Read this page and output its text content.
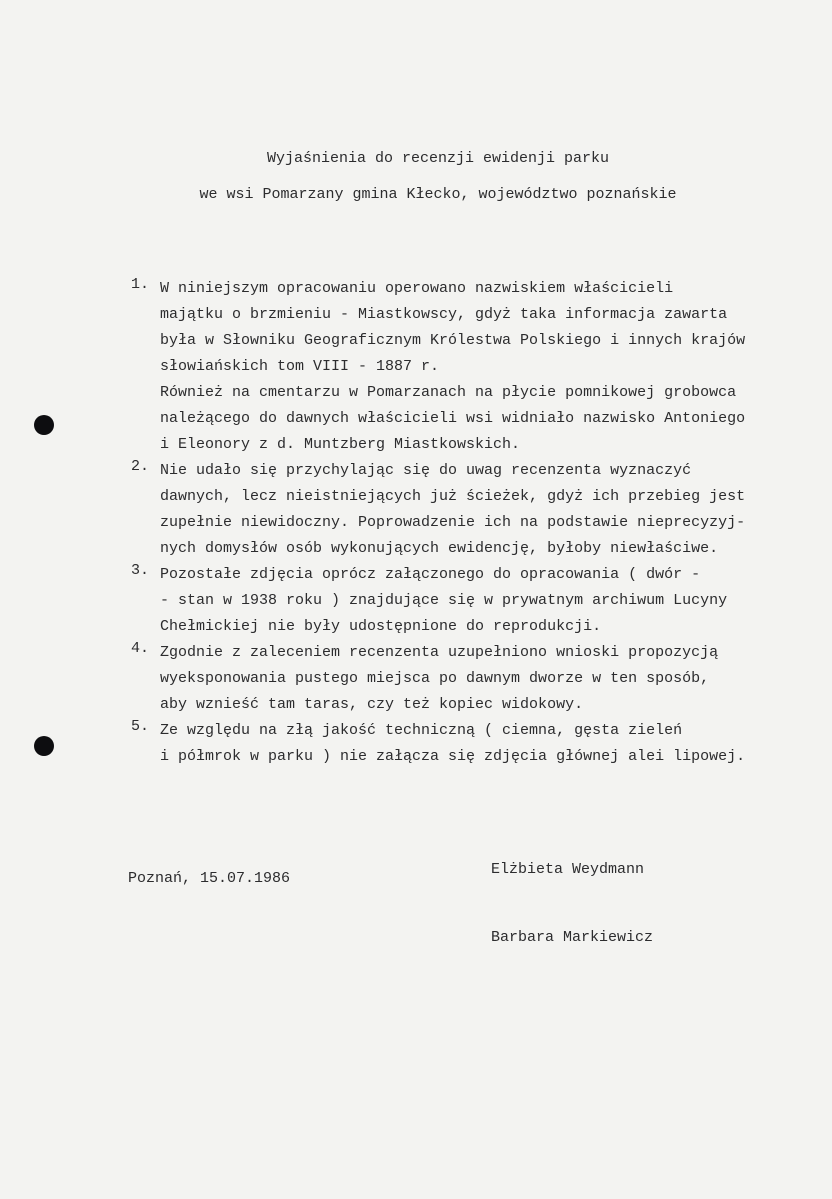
Wyjaśnienia do recenzji ewidenji parku
we wsi Pomarzany gmina Kłecko, województwo poznańskie
1. W niniejszym opracowaniu operowano nazwiskiem właścicieli
majątku o brzmieniu - Miastkowscy, gdyż taka informacja zawarta
była w Słowniku Geograficznym Królestwa Polskiego i innych krajów
słowiańskich tom VIII - 1887 r.
Również na cmentarzu w Pomarzanach na płycie pomnikowej grobowca
należącego do dawnych właścicieli wsi widniało nazwisko Antoniego
i Eleonory z d. Muntzberg Miastkowskich.
2. Nie udało się przychylając się do uwag recenzenta wyznaczyć
dawnych, lecz nieistniejących już ścieżek, gdyż ich przebieg jest
zupełnie niewidoczny. Poprowadzenie ich na podstawie nieprecyzyj-
nych domysłów osób wykonujących ewidencję, byłoby niewłaściwe.
3. Pozostałe zdjęcia oprócz załączonego do opracowania ( dwór -
- stan w 1938 roku ) znajdujące się w prywatnym archiwum Lucyny
Chełmickiej nie były udostępnione do reprodukcji.
4. Zgodnie z zaleceniem recenzenta uzupełniono wnioski propozycją
wyeksponowania pustego miejsca po dawnym dworze w ten sposób,
aby wznieść tam taras, czy też kopiec widokowy.
5. Ze względu na złą jakość techniczną ( ciemna, gęsta zieleń
i półmrok w parku ) nie załącza się zdjęcia głównej alei lipowej.
Poznań, 15.07.1986
Elżbieta Weydmann
Barbara Markiewicz
